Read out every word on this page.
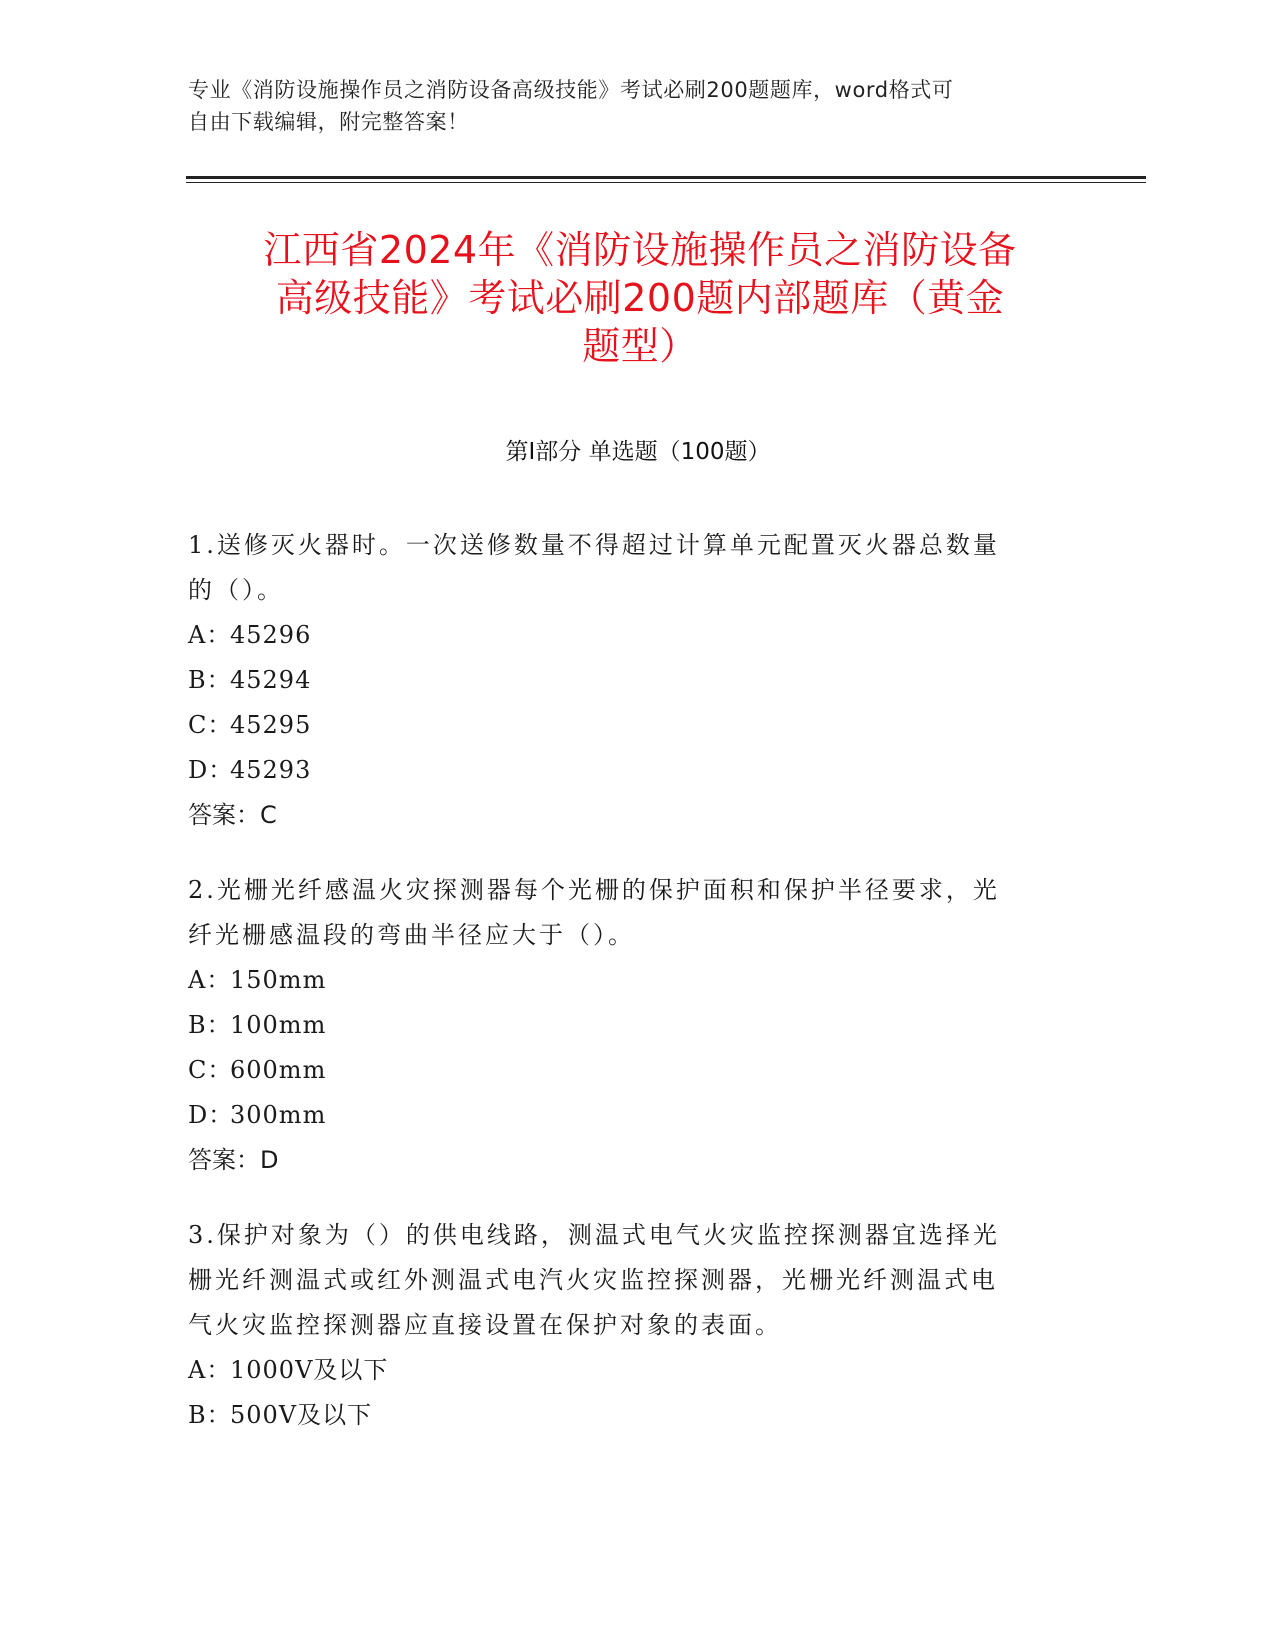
专业《消防设施操作员之消防设备高级技能》考试必刷200题题库，word格式可
自由下载编辑，附完整答案！
江西省2024年《消防设施操作员之消防设备
高级技能》考试必刷200题内部题库（黄金
题型）
第I部分 单选题（100题）

1.送修灭火器时。一次送修数量不得超过计算单元配置灭火器总数量

的（）。

A：45296

B：45294

C：45295

D：45293

答案：C

2.光栅光纤感温火灾探测器每个光栅的保护面积和保护半径要求，光

纤光栅感温段的弯曲半径应大于（）。

A：150mm

B：100mm

C：600mm

D：300mm

答案：D

3.保护对象为（）的供电线路，测温式电气火灾监控探测器宜选择光

栅光纤测温式或红外测温式电汽火灾监控探测器，光栅光纤测温式电

气火灾监控探测器应直接设置在保护对象的表面。

A：1000V及以下

B：500V及以下
